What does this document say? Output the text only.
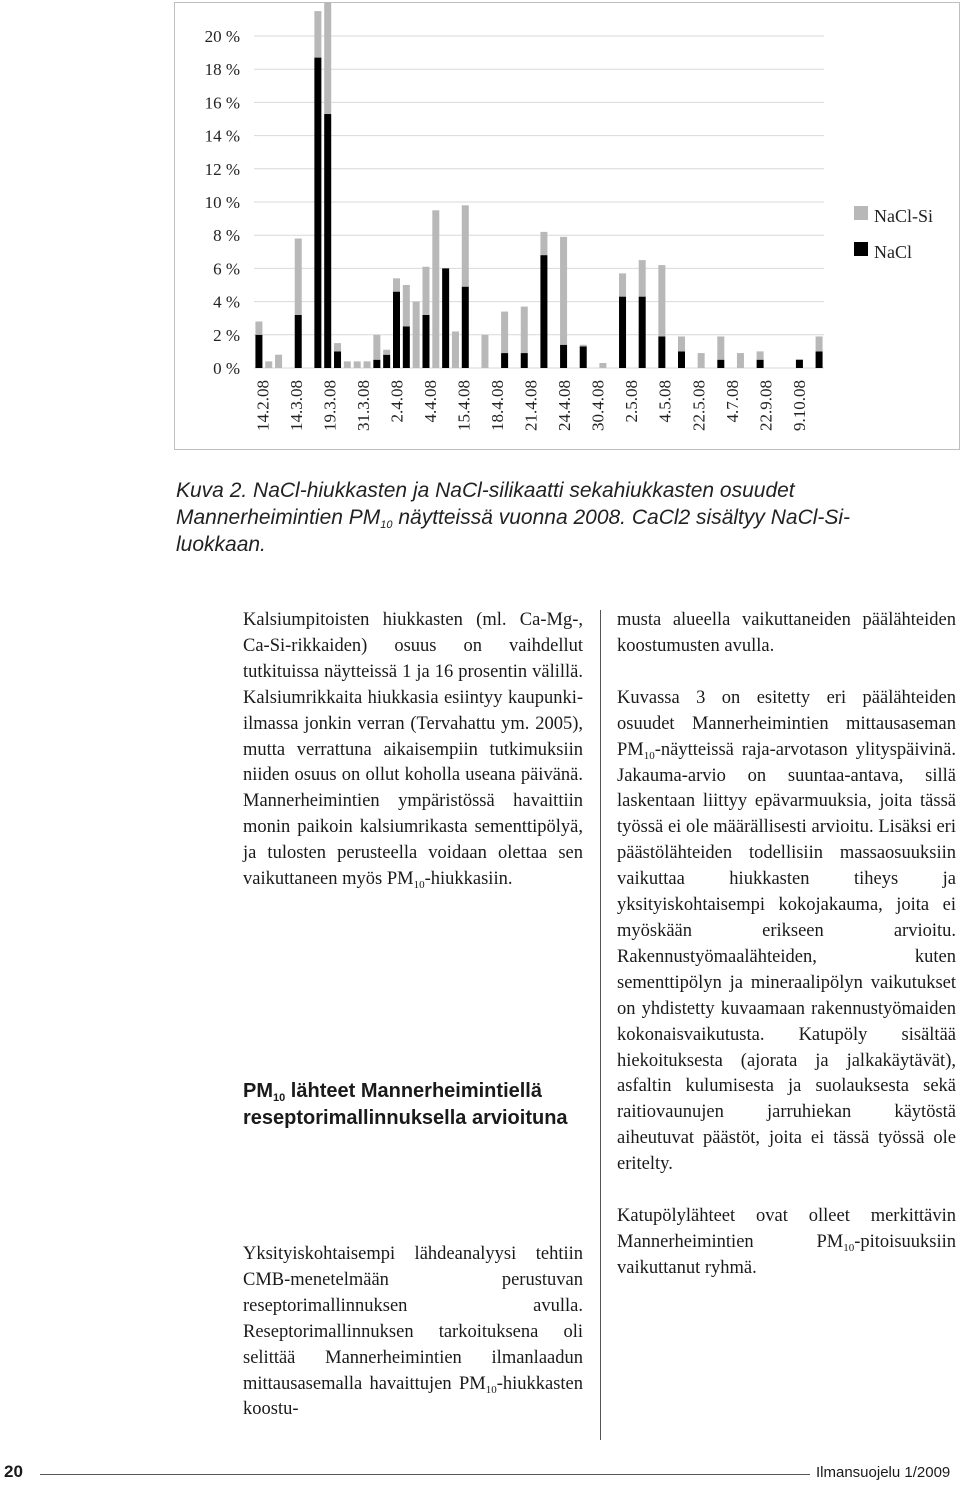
0 %
2 %
4 %
6 %
8 %
10 %
12 %
14 %
16 %
18 %
20 %
14.2.08 14.3.08 19.3.08 31.3.08 2.4.08 4.4.08 15.4.08 18.4.08 21.4.08 24.4.08 30.4.08 2.5.08 4.5.08 22.5.08 4.7.08 22.9.08 9.10.08
NaCl-Si
NaCl

Kuva 2. NaCl-hiukkasten ja NaCl-silikaatti sekahiukkasten osuudet
Mannerheimintien $PM_{10}$ näytteissä vuonna 2008. CaCl2 sisältyy NaCl-Si-
luokkaan.

Kalsiumpitoisten hiukkasten (ml. Ca-Mg-, Ca-Si-rikkaiden) osuus on vaihdellut tutkituissa näytteissä 1 ja 16 prosentin välillä. Kalsiumrikkaita hiukkasia esiintyy kaupunki-ilmassa jonkin verran (Tervahattu ym. 2005), mutta verrattuna aikaisempiin tutkimuksiin niiden osuus on ollut koholla useana päivänä. Mannerheimintien ympäristössä havaittiin monin paikoin kalsiumrikasta sementtipölyä, ja tulosten perusteella voidaan olettaa sen vaikuttaneen myös $PM_{10}$-hiukkasiin.

$PM_{10}$ lähteet Mannerheimintiellä reseptorimallinnuksella arvioituna

Yksityiskohtaisempi lähdeanalyysi tehtiin CMB-menetelmään perustuvan reseptorimallinnuksen avulla. Reseptorimallinnuksen tarkoituksena oli selittää Mannerheimintien ilmanlaadun mittausasemalla havaittujen $PM_{10}$-hiukkasten koostu-

musta alueella vaikuttaneiden päälähteiden koostumusten avulla.

Kuvassa 3 on esitetty eri päälähteiden osuudet Mannerheimintien mittausaseman $PM_{10}$-näytteissä raja-arvotason ylityspäivinä. Jakauma-arvio on suuntaa-antava, sillä laskentaan liittyy epävarmuuksia, joita tässä työssä ei ole määrällisesti arvioitu. Lisäksi eri päästölähteiden todellisiin massaosuuksiin vaikuttaa hiukkasten tiheys ja yksityiskohtaisempi kokojakauma, joita ei myöskään erikseen arvioitu. Rakennustyömaalähteiden, kuten sementtipölyn ja mineraalipölyn vaikutukset on yhdistetty kuvaamaan rakennustyömaiden kokonaisvaikutusta. Katupöly sisältää hiekoituksesta (ajorata ja jalkakäytävät), asfaltin kulumisesta ja suolauksesta sekä raitiovaunujen jarruhiekan käytöstä aiheutuvat päästöt, joita ei tässä työssä ole eritelty.

Katupölylähteet ovat olleet merkittävin Mannerheimintien $PM_{10}$-pitoisuuksiin vaikuttanut ryhmä.

20	Ilmansuojelu 1/2009
